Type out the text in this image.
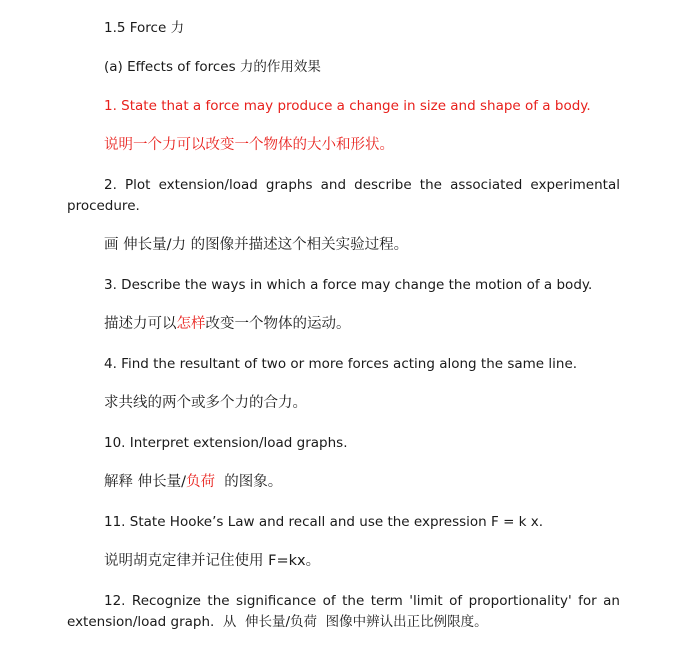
1.5 Force 力
(a) Effects of forces 力的作用效果
1. State that a force may produce a change in size and shape of a body.
说明一个力可以改变一个物体的大小和形状。
2. Plot extension/load graphs and describe the associated experimental
procedure.
画 伸长量/力 的图像并描述这个相关实验过程。
3. Describe the ways in which a force may change the motion of a body.
描述力可以怎样改变一个物体的运动。
4. Find the resultant of two or more forces acting along the same line.
求共线的两个或多个力的合力。
10. Interpret extension/load graphs.
解释 伸长量/负荷  的图象。
11. State Hooke’s Law and recall and use the expression F = k x.
说明胡克定律并记住使用 F=kx。
12. Recognize the significance of the term 'limit of proportionality' for an
extension/load graph.  从  伸长量/负荷  图像中辨认出正比例限度。
